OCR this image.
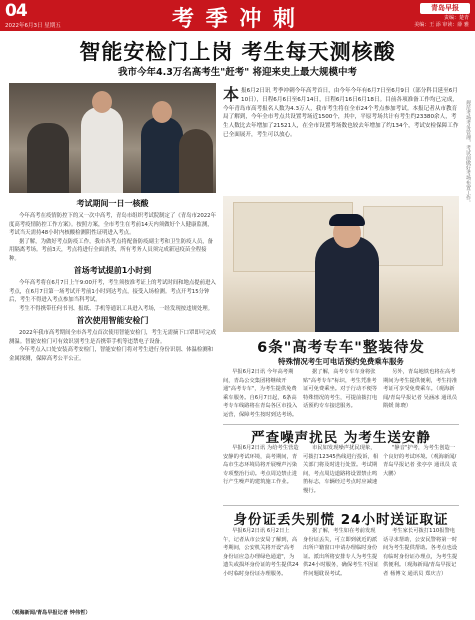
04
2022年6月3日 星期五	考 季 冲 刺	青岛早报
责编：楚青
美编：王 添 审读：薛 雅
智能安检门上岗 考生每天测核酸
我市今年4.3万名高考生"赶考" 将迎来史上最大规模中考
本 报6月2日讯 考季冲刺今年高考首日，由今年今年有6月7日至6月9日（部分科目延至6月10日），日程6月6日至6月14日，日程6月16日6月18日。目前各项准备工作均已完成，今年青岛市高考报名人数为4.3万人，我市考生将在全市24个考点参加考试。本报记者从市教育局了解到，今年全市考点共设置考场近1500个，其中，平原考场共计有考生约23380余人，考生人数比去年增加了21521人，在全市设置考场数也较去年增加了约134个，考试安检保障工作已全面展开，考生可以放心。	规范考场考务管理，考试前做好考场布置工作。
考试期间一日一核酸

今年高考在疫情防控下的又一次中高考，青岛市组织考试院制定了《青岛市2022年度高考疫情防控工作方案》。按照方案，全市考生在考前14天内须做好个人健康监测，考试当天需持48小时内核酸检测阴性证明进入考点。

据了解，为做好考点防疫工作，我市各考点将配备防疫副主考和卫生防疫人员，备用隔离考场。考前3天，考点将进行全面消杀，所有考务人员须完成新冠疫苗全程接种。

首场考试提前1小时到

今年高考将在6月7日上午9:00开考，考生须按准考证上的考试时间和地点提前进入考点，在6月7日第一场考试开考前1小时到达考点，接受入场检测。考点开考15分钟后，考生不得进入考点参加当科考试。

考生不得携带任何书刊、报纸、手机等通讯工具进入考场，一经发现按违规处理。

首次使用智能安检门

2022年我市高考期间全市各考点首次使用智能安检门，考生无需摘下口罩即可完成测温。智能安检门可有效识别考生是否携带手机等违禁电子设备。

今年考点入口处安装高考安检门，智能安检门将对考生进行身份识别、体温检测和金属探测，保障高考公平公正。

（观海新闻/青岛早报记者 钟伟哲）
6条"高考专车"整装待发
特殊情况考生可电话预约免费乘车服务
早报6月2日讯 今年高考期间，青岛公交集团将继续开通"高考专车"，为考生提供免费乘车服务。自6月7日起，6条高考专车线路将在青岛各区市投入运营，保障考生按时到达考场。
据了解，高考专车车身将张贴"高考专车"标识，考生凭准考证可免费乘坐。对于行动不便等特殊情况的考生，可提前拨打电话预约专车接送服务。
另外，青岛地铁也将在高考期间为考生提供便利，考生持准考证可享受免费乘车。（观海新闻/青岛早报记者 吴涵冰 通讯员 隋媛 陈晓）
严查噪声扰民 为考生送安静
早报6月2日讯 为给考生营造安静的考试环境，高考期间，青岛市生态环境局将开展噪声污染专项整治行动。考点周边禁止进行产生噪声的建筑施工作业。
市民如发现噪声扰民现象，可拨打12345热线进行投诉，相关部门将及时进行处置。考试期间，考点周边道路将设置禁止鸣笛标志，车辆经过考点时应减速慢行。
"静音"护考，为考生创造一个良好的考试环境。（观海新闻/青岛早报记者 张亭亭 通讯员 袁大鹏）
身份证丢失别慌 24小时送证取证
早报6月2日讯 6月2日上午，记者从市公安局了解到，高考期间，公安机关将开设"高考身份证应急办理绿色通道"，为遗失或损坏身份证的考生提供24小时临时身份证办理服务。
据了解，考生如在考前发现身份证丢失，可立即到就近的派出所户籍窗口申请办理临时身份证。派出所将安排专人为考生提供24小时服务，确保考生不因证件问题耽误考试。
考生家长可拨打110报警电话寻求帮助，公安民警将第一时间为考生提供帮助。各考点也设有临时身份证办理点，为考生提供便利。（观海新闻/青岛早报记者 杨博文 通讯员 郑庆吉）
